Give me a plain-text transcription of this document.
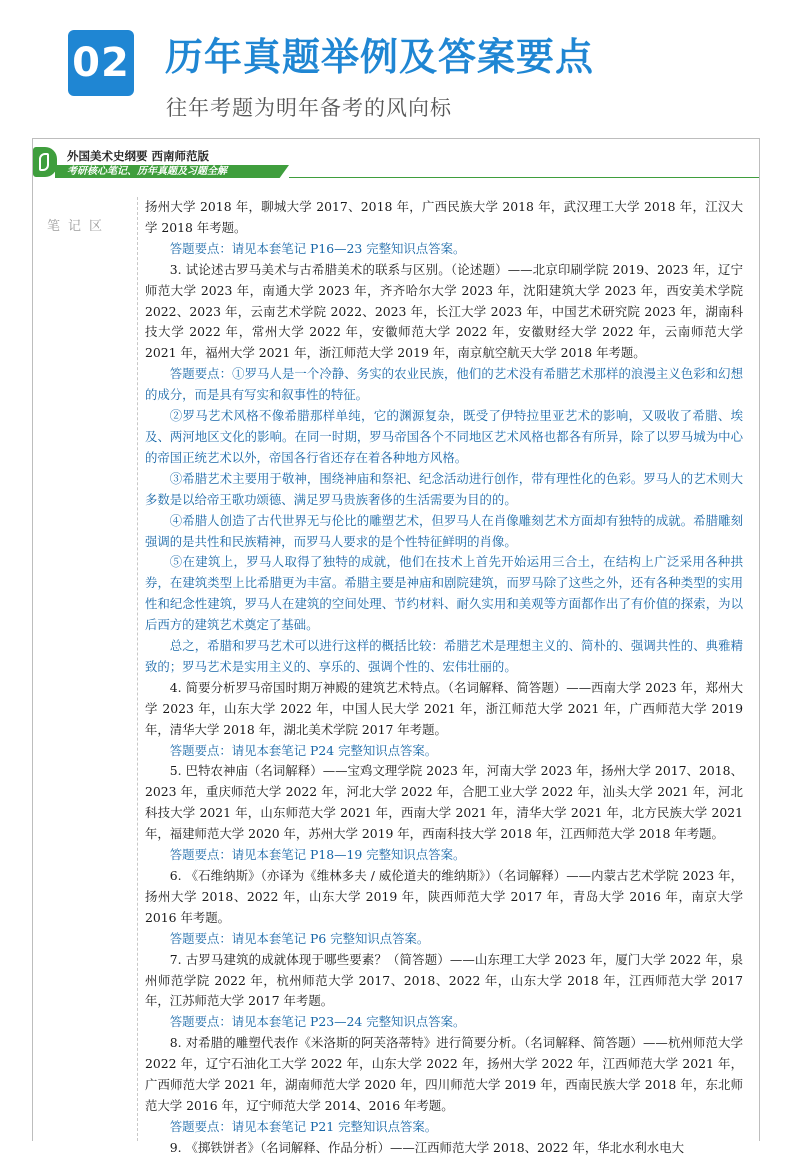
02 历年真题举例及答案要点
往年考题为明年备考的风向标
外国美术史纲要 西南师范版
考研核心笔记、历年真题及习题全解
笔记区

扬州大学 2018 年，聊城大学 2017、2018 年，广西民族大学 2018 年，武汉理工大学 2018 年，江汉大学 2018 年考题。

答题要点：请见本套笔记 P16—23 完整知识点答案。

3. 试论述古罗马美术与古希腊美术的联系与区别。（论述题）——北京印刷学院 2019、2023 年，辽宁师范大学 2023 年，南通大学 2023 年，齐齐哈尔大学 2023 年，沈阳建筑大学 2023 年，西安美术学院 2022、2023 年，云南艺术学院 2022、2023 年，长江大学 2023 年，中国艺术研究院 2023 年，湖南科技大学 2022 年，常州大学 2022 年，安徽师范大学 2022 年，安徽财经大学 2022 年，云南师范大学 2021 年，福州大学 2021 年，浙江师范大学 2019 年，南京航空航天大学 2018 年考题。

答题要点：①罗马人是一个冷静、务实的农业民族，他们的艺术没有希腊艺术那样的浪漫主义色彩和幻想的成分，而是具有写实和叙事性的特征。

②罗马艺术风格不像希腊那样单纯，它的渊源复杂，既受了伊特拉里亚艺术的影响，又吸收了希腊、埃及、两河地区文化的影响。在同一时期，罗马帝国各个不同地区艺术风格也都各有所异，除了以罗马城为中心的帝国正统艺术以外，帝国各行省还存在着各种地方风格。

③希腊艺术主要用于敬神，围绕神庙和祭祀、纪念活动进行创作，带有理性化的色彩。罗马人的艺术则大多数是以给帝王歌功颂德、满足罗马贵族奢侈的生活需要为目的的。

④希腊人创造了古代世界无与伦比的雕塑艺术，但罗马人在肖像雕刻艺术方面却有独特的成就。希腊雕刻强调的是共性和民族精神，而罗马人要求的是个性特征鲜明的肖像。

⑤在建筑上，罗马人取得了独特的成就，他们在技术上首先开始运用三合土，在结构上广泛采用各种拱券，在建筑类型上比希腊更为丰富。希腊主要是神庙和剧院建筑，而罗马除了这些之外，还有各种类型的实用性和纪念性建筑，罗马人在建筑的空间处理、节约材料、耐久实用和美观等方面都作出了有价值的探索，为以后西方的建筑艺术奠定了基础。

总之，希腊和罗马艺术可以进行这样的概括比较：希腊艺术是理想主义的、简朴的、强调共性的、典雅精致的；罗马艺术是实用主义的、享乐的、强调个性的、宏伟壮丽的。

4. 简要分析罗马帝国时期万神殿的建筑艺术特点。（名词解释、简答题）——西南大学 2023 年，郑州大学 2023 年，山东大学 2022 年，中国人民大学 2021 年，浙江师范大学 2021 年，广西师范大学 2019 年，清华大学 2018 年，湖北美术学院 2017 年考题。

答题要点：请见本套笔记 P24 完整知识点答案。

5. 巴特农神庙（名词解释）——宝鸡文理学院 2023 年，河南大学 2023 年，扬州大学 2017、2018、2023 年，重庆师范大学 2022 年，河北大学 2022 年，合肥工业大学 2022 年，汕头大学 2021 年，河北科技大学 2021 年，山东师范大学 2021 年，西南大学 2021 年，清华大学 2021 年，北方民族大学 2021 年，福建师范大学 2020 年，苏州大学 2019 年，西南科技大学 2018 年，江西师范大学 2018 年考题。

答题要点：请见本套笔记 P18—19 完整知识点答案。

6. 《石维纳斯》（亦译为《维林多夫 / 威伦道夫的维纳斯》）（名词解释）——内蒙古艺术学院 2023 年，扬州大学 2018、2022 年，山东大学 2019 年，陕西师范大学 2017 年，青岛大学 2016 年，南京大学 2016 年考题。

答题要点：请见本套笔记 P6 完整知识点答案。

7. 古罗马建筑的成就体现于哪些要素？（简答题）——山东理工大学 2023 年，厦门大学 2022 年，泉州师范学院 2022 年，杭州师范大学 2017、2018、2022 年，山东大学 2018 年，江西师范大学 2017 年，江苏师范大学 2017 年考题。

答题要点：请见本套笔记 P23—24 完整知识点答案。

8. 对希腊的雕塑代表作《米洛斯的阿芙洛蒂特》进行简要分析。（名词解释、简答题）——杭州师范大学 2022 年，辽宁石油化工大学 2022 年，山东大学 2022 年，扬州大学 2022 年，江西师范大学 2021 年，广西师范大学 2021 年，湖南师范大学 2020 年，四川师范大学 2019 年，西南民族大学 2018 年，东北师范大学 2016 年，辽宁师范大学 2014、2016 年考题。

答题要点：请见本套笔记 P21 完整知识点答案。

9. 《掷铁饼者》（名词解释、作品分析）——江西师范大学 2018、2022 年，华北水利水电大
